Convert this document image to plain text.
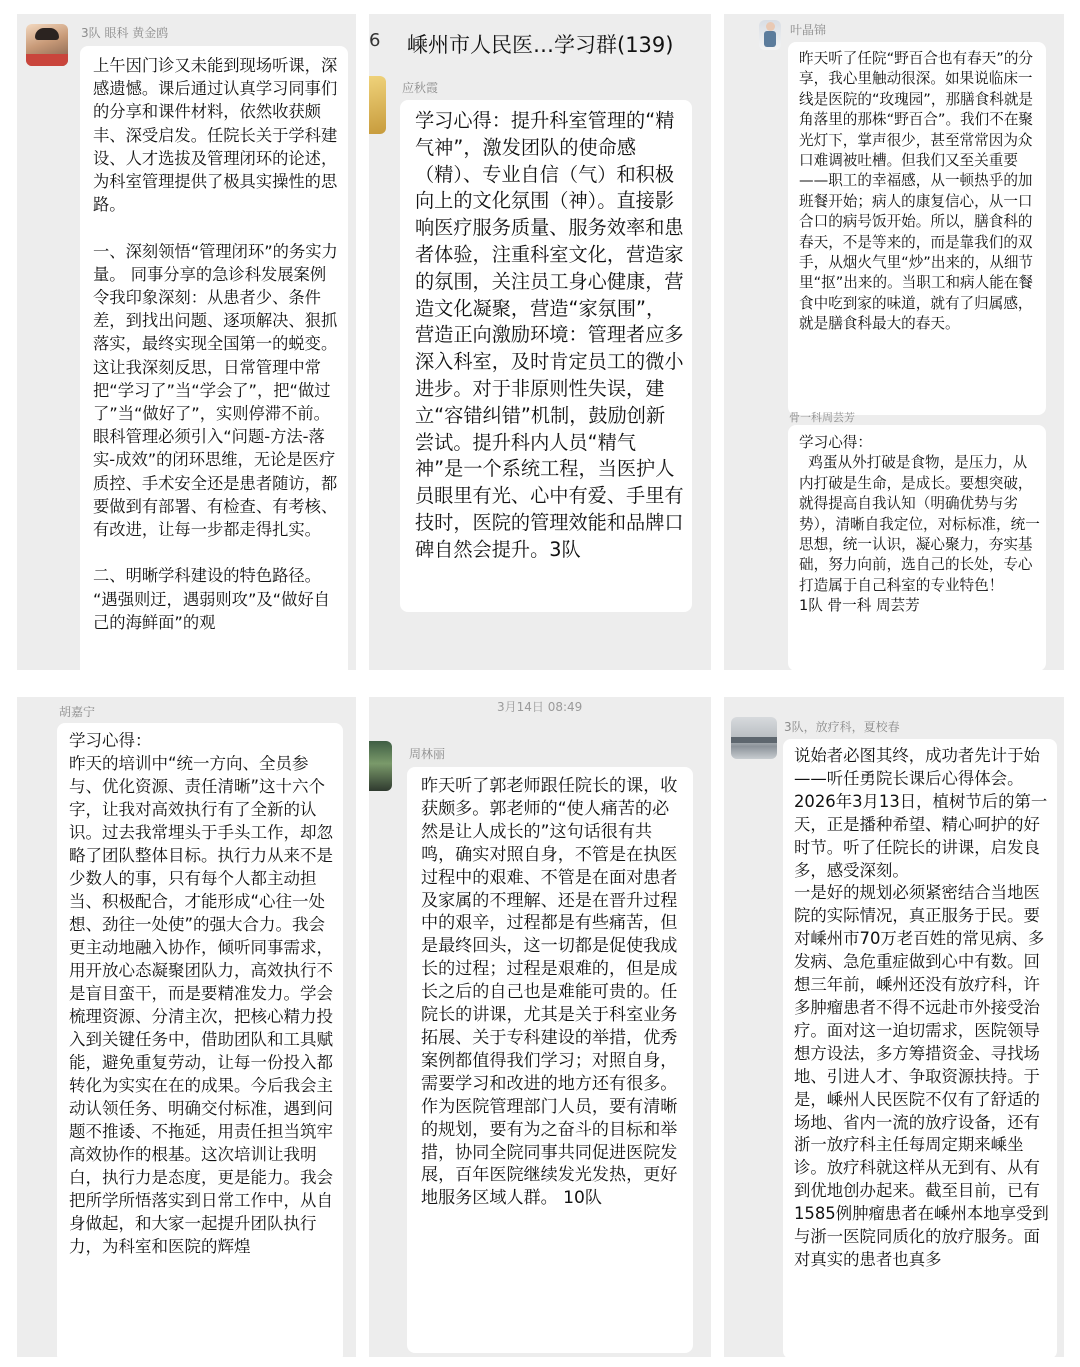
3队 眼科 黄金鸥
上午因门诊又未能到现场听课，深感遗憾。课后通过认真学习同事们的分享和课件材料，依然收获颇丰、深受启发。任院长关于学科建设、人才选拔及管理闭环的论述，为科室管理提供了极具实操性的思路。

一、深刻领悟“管理闭环”的务实力量。 同事分享的急诊科发展案例令我印象深刻：从患者少、条件差，到找出问题、逐项解决、狠抓落实，最终实现全国第一的蜕变。这让我深刻反思，日常管理中常把“学习了”当“学会了”，把“做过了”当“做好了”，实则停滞不前。眼科管理必须引入“问题-方法-落实-成效”的闭环思维，无论是医疗质控、手术安全还是患者随访，都要做到有部署、有检查、有考核、有改进，让每一步都走得扎实。

二、明晰学科建设的特色路径。 “遇强则迂，遇弱则攻”及“做好自己的海鲜面”的观
6 嵊州市人民医…学习群(139)
应秋霞
学习心得：提升科室管理的“精气神”，激发团队的使命感（精）、专业自信（气）和积极向上的文化氛围（神）。直接影响医疗服务质量、服务效率和患者体验，注重科室文化，营造家的氛围，关注员工身心健康，营造文化凝聚，营造“家氛围”，营造正向激励环境：管理者应多深入科室，及时肯定员工的微小进步。对于非原则性失误，建立“容错纠错”机制，鼓励创新尝试。提升科内人员“精气神”是一个系统工程，当医护人员眼里有光、心中有爱、手里有技时，医院的管理效能和品牌口碑自然会提升。3队
叶晶锦
昨天听了任院“野百合也有春天”的分享，我心里触动很深。如果说临床一线是医院的“玫瑰园”，那膳食科就是角落里的那株“野百合”。我们不在聚光灯下，掌声很少，甚至常常因为众口难调被吐槽。但我们又至关重要——职工的幸福感，从一顿热乎的加班餐开始；病人的康复信心，从一口合口的病号饭开始。所以，膳食科的春天，不是等来的，而是靠我们的双手，从烟火气里“炒”出来的，从细节里“抠”出来的。当职工和病人能在餐食中吃到家的味道，就有了归属感，就是膳食科最大的春天。
骨一科周芸芳
学习心得：
鸡蛋从外打破是食物，是压力，从内打破是生命，是成长。要想突破，就得提高自我认知（明确优势与劣势），清晰自我定位，对标标准，统一思想，统一认识，凝心聚力，夯实基础，努力向前，选自己的长处，专心打造属于自己科室的专业特色！
1队 骨一科 周芸芳
胡嘉宁
学习心得：
昨天的培训中“统一方向、全员参与、优化资源、责任清晰”这十六个字，让我对高效执行有了全新的认识。过去我常埋头于手头工作，却忽略了团队整体目标。执行力从来不是少数人的事，只有每个人都主动担当、积极配合，才能形成“心往一处想、劲往一处使”的强大合力。我会更主动地融入协作，倾听同事需求，用开放心态凝聚团队力，高效执行不是盲目蛮干，而是要精准发力。学会梳理资源、分清主次，把核心精力投入到关键任务中，借助团队和工具赋能，避免重复劳动，让每一份投入都转化为实实在在的成果。今后我会主动认领任务、明确交付标准，遇到问题不推诿、不拖延，用责任担当筑牢高效协作的根基。这次培训让我明白，执行力是态度，更是能力。我会把所学所悟落实到日常工作中，从自身做起，和大家一起提升团队执行力，为科室和医院的辉煌
3月14日 08:49
周林丽
昨天听了郭老师跟任院长的课，收获颇多。郭老师的“使人痛苦的必然是让人成长的”这句话很有共鸣，确实对照自身，不管是在执医过程中的艰难、不管是在面对患者及家属的不理解、还是在晋升过程中的艰辛，过程都是有些痛苦，但是最终回头，这一切都是促使我成长的过程；过程是艰难的，但是成长之后的自己也是难能可贵的。任院长的讲课，尤其是关于科室业务拓展、关于专科建设的举措，优秀案例都值得我们学习；对照自身，需要学习和改进的地方还有很多。作为医院管理部门人员，要有清晰的规划，要有为之奋斗的目标和举措，协同全院同事共同促进医院发展，百年医院继续发光发热，更好地服务区域人群。 10队
3队，放疗科，夏校春
说始者必图其终，成功者先计于始——听任勇院长课后心得体会。
2026年3月13日，植树节后的第一天，正是播种希望、精心呵护的好时节。听了任院长的讲课，启发良多，感受深刻。
一是好的规划必须紧密结合当地医院的实际情况，真正服务于民。要对嵊州市70万老百姓的常见病、多发病、急危重症做到心中有数。回想三年前，嵊州还没有放疗科，许多肿瘤患者不得不远赴市外接受治疗。面对这一迫切需求，医院领导想方设法，多方筹措资金、寻找场地、引进人才、争取资源扶持。于是，嵊州人民医院不仅有了舒适的场地、省内一流的放疗设备，还有浙一放疗科主任每周定期来嵊坐诊。放疗科就这样从无到有、从有到优地创办起来。截至目前，已有1585例肿瘤患者在嵊州本地享受到与浙一医院同质化的放疗服务。面对真实的患者也真多
